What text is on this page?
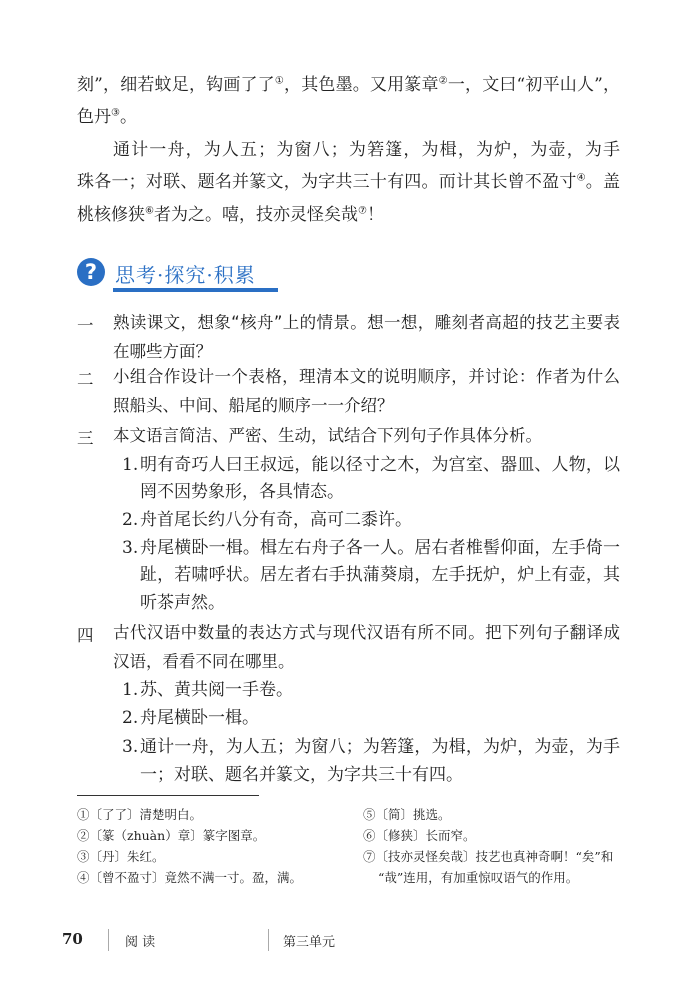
刻”，细若蚊足，钩画了了①，其色墨。又用篆章②一，文曰“初平山人”，
色丹③。
通计一舟，为人五；为窗八；为箬篷，为楫，为炉，为壶，为手
珠各一；对联、题名并篆文，为字共三十有四。而计其长曾不盈寸④。盖
桃核修狭⑥者为之。嘻，技亦灵怪矣哉⑦！
? 思考·探究·积累
一 熟读课文，想象“核舟”上的情景。想一想，雕刻者高超的技艺主要表
在哪些方面？
二 小组合作设计一个表格，理清本文的说明顺序，并讨论：作者为什么
照船头、中间、船尾的顺序一一介绍？
三 本文语言简洁、严密、生动，试结合下列句子作具体分析。
1. 明有奇巧人曰王叔远，能以径寸之木，为宫室、器皿、人物，以
罔不因势象形，各具情态。
2. 舟首尾长约八分有奇，高可二黍许。
3. 舟尾横卧一楫。楫左右舟子各一人。居右者椎髻仰面，左手倚一
趾，若啸呼状。居左者右手执蒲葵扇，左手抚炉，炉上有壶，其
听茶声然。
四 古代汉语中数量的表达方式与现代汉语有所不同。把下列句子翻译成
汉语，看看不同在哪里。
1. 苏、黄共阅一手卷。
2. 舟尾横卧一楫。
3. 通计一舟，为人五；为窗八；为箬篷，为楫，为炉，为壶，为手
一；对联、题名并篆文，为字共三十有四。
①〔了了〕清楚明白。
②〔篆（zhuàn）章〕篆字图章。
③〔丹〕朱红。
④〔曾不盈寸〕竟然不满一寸。盈，满。
⑤〔简〕挑选。
⑥〔修狭〕长而窄。
⑦〔技亦灵怪矣哉〕技艺也真神奇啊！“矣”和
“哉”连用，有加重惊叹语气的作用。
70	阅 读	第三单元
